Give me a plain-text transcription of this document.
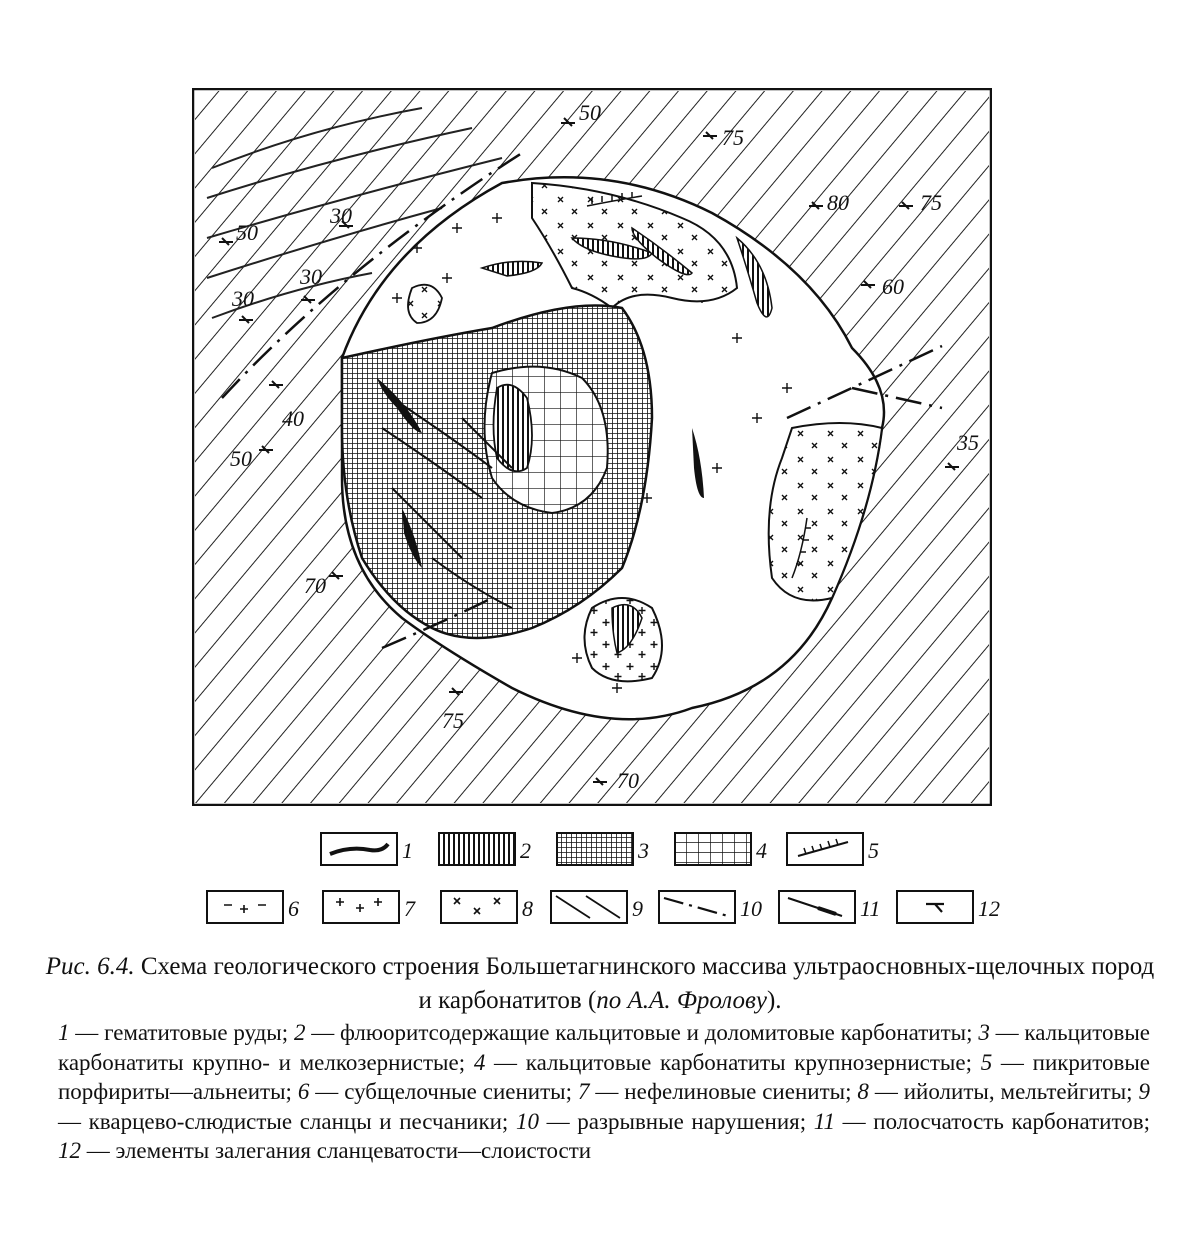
50
75
80	75
30
50
30
30	60
40
50
35
70
75
70
1	2	3	4	5
6	7	8	9	10	11	12
Рис. 6.4. Схема геологического строения Большетагнинского массива ультраосновных-щелочных пород и карбонатитов (по А.А. Фролову).
1 — гематитовые руды; 2 — флюоритсодержащие кальцитовые и доломитовые карбонатиты; 3 — кальцитовые карбонатиты крупно- и мелкозернистые; 4 — кальцитовые карбонатиты крупнозернистые; 5 — пикритовые порфириты—альнеиты; 6 — субщелочные сиениты; 7 — нефелиновые сиениты; 8 — ийолиты, мельтейгиты; 9 — кварцево-слюдистые сланцы и песчаники; 10 — разрывные нарушения; 11 — полосчатость карбонатитов; 12 — элементы залегания сланцеватости—слоистости
